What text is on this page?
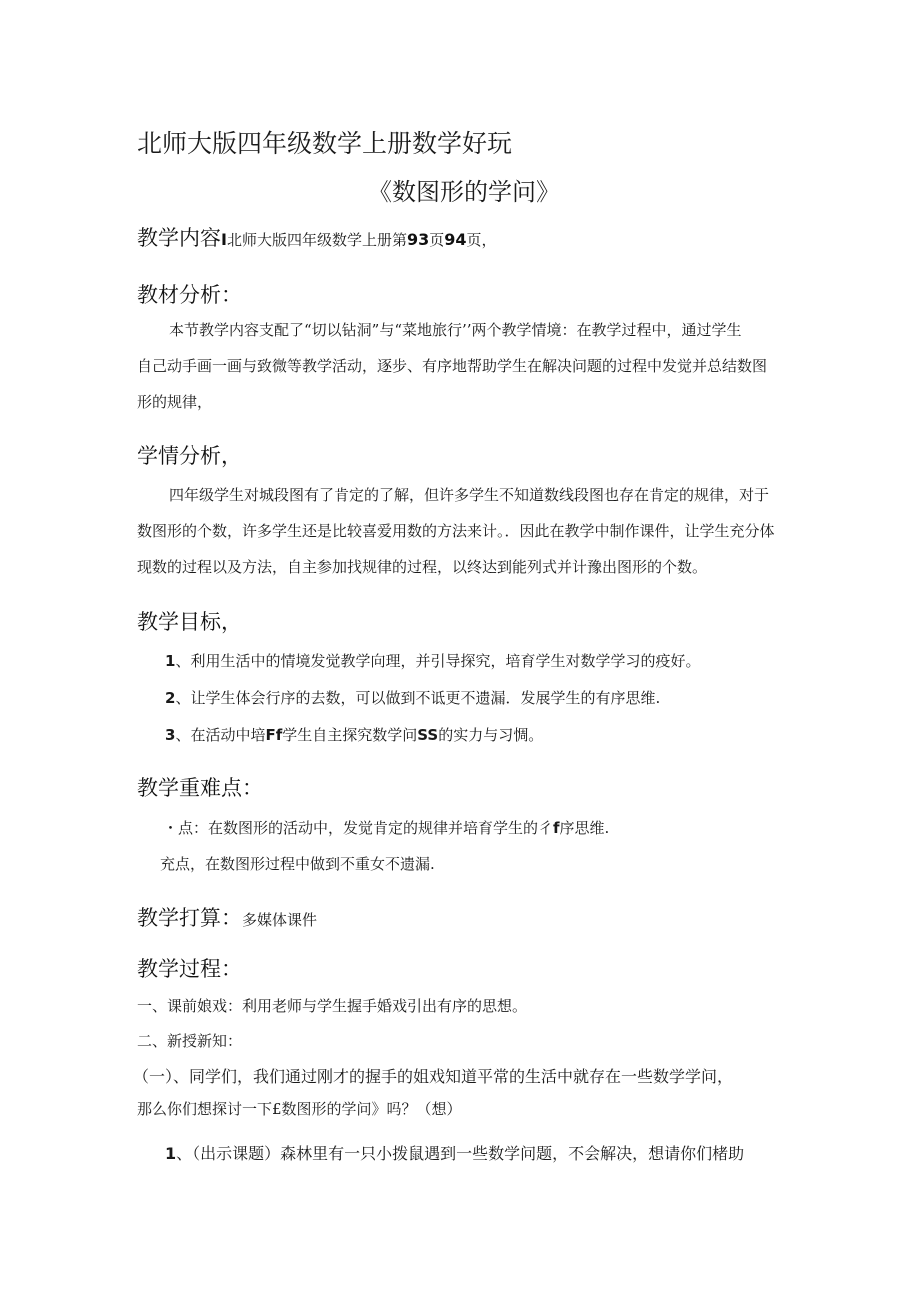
北师大版四年级数学上册数学好玩
《数图形的学问》
教学内容I北师大版四年级数学上册第93页94页，
教材分析：
本节教学内容支配了“切以钻洞”与“菜地旅行’’两个教学情境：在教学过程中，通过学生
自己动手画一画与致微等教学活动，逐步、有序地帮助学生在解决问题的过程中发觉并总结数图
形的规律，
学情分析，
四年级学生对城段图有了肯定的了解，但许多学生不知道数线段图也存在肯定的规律，对于
数图形的个数，许多学生还是比较喜爱用数的方法来计。．因此在教学中制作课件，让学生充分体
现数的过程以及方法，自主参加找规律的过程，以终达到能列式并计豫出图形的个数。
教学目标，
1、利用生活中的情境发觉教学向理，并引导探究，培育学生对数学学习的疫好。
2、让学生体会行序的去数，可以做到不诋更不遗漏．发展学生的有序思维.
3、在活动中培Ff学生自主探究数学问SS的实力与习惆。
教学重难点：
・点：在数图形的活动中，发觉肯定的规律并培育学生的彳f序思维.
充点，在数图形过程中做到不重女不遗漏.
教学打算：多媒体课件
教学过程：
一、课前娘戏：利用老师与学生握手婚戏引出有序的思想。
二、新授新知：
（一）、同学们，我们通过刚才的握手的姐戏知道平常的生活中就存在一些数学学问，
那么你们想探讨一下£数图形的学问》吗？（想）
1、（出示课题）森林里有一只小拨鼠遇到一些数学问题，不会解决，想请你们楮助
